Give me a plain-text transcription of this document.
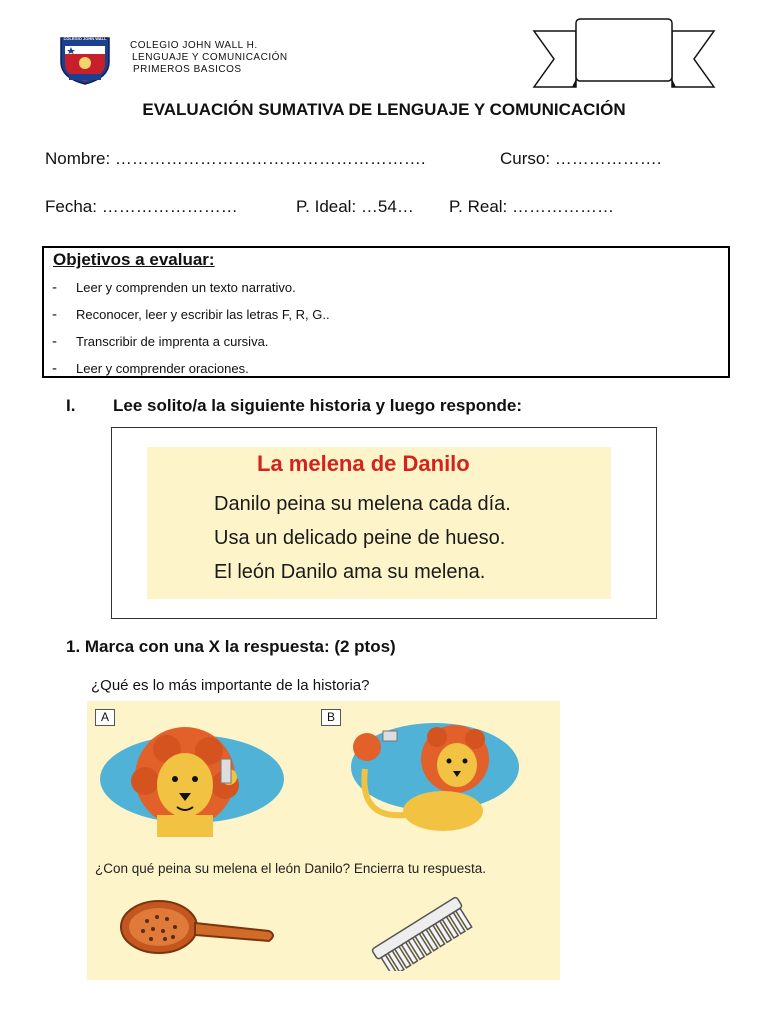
COLEGIO JOHN WALL
COLEGIO JOHN WALL H.
LENGUAJE Y COMUNICACIÓN
PRIMEROS BASICOS
EVALUACIÓN SUMATIVA DE LENGUAJE Y COMUNICACIÓN
Nombre: ……………………………………………….	Curso: ……………….
Fecha: ……………………	P. Ideal: …54… P. Real: ………………
Objetivos a evaluar:
- Leer y comprenden un texto narrativo.
- Reconocer, leer y escribir las letras F, R, G..
- Transcribir de imprenta a cursiva.
- Leer y comprender oraciones.
I. Lee solito/a la siguiente historia y luego responde:
La melena de Danilo
Danilo peina su melena cada día.
Usa un delicado peine de hueso.
El león Danilo ama su melena.
1. Marca con una X la respuesta: (2 ptos)
¿Qué es lo más importante de la historia?
A	B
¿Con qué peina su melena el león Danilo? Encierra tu respuesta.
